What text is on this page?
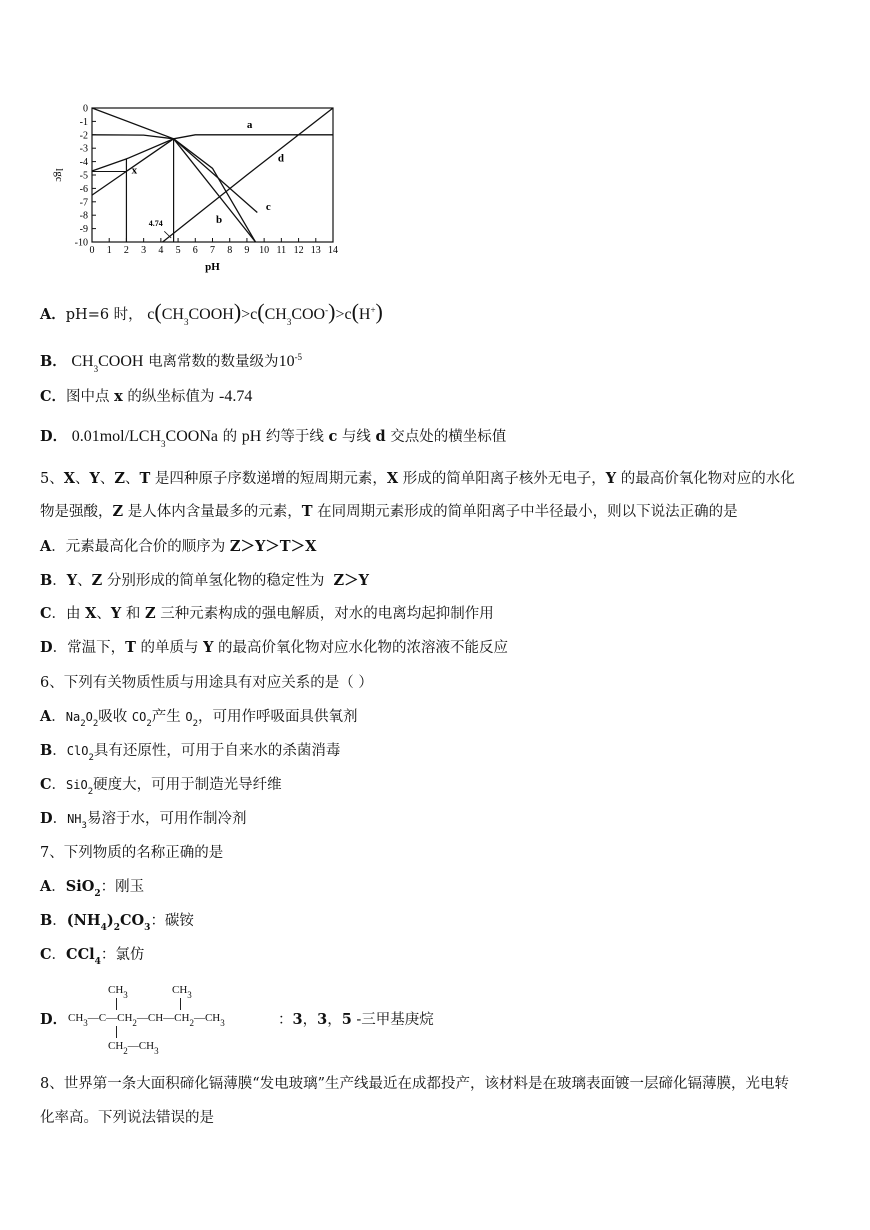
0
-1
-2
-3
-4
-5
-6
-7
-8
-9
-10
0 1 2 3 4 5 6 7 8 9 10 11 12 13 14
pH
lgc
a
b
c
d
x
4.74
A．pH=6 时， $c(CH_3COOH)>c(CH_3COO^-)>c(H^+)$
B． $CH_3COOH$ 电离常数的数量级为$10^{-5}$
C．图中点 x 的纵坐标值为 -4.74
D． $0.01mol/LCH_3COONa$ 的 pH 约等于线 c 与线 d 交点处的横坐标值
5、X、Y、Z、T 是四种原子序数递增的短周期元素，X 形成的简单阳离子核外无电子，Y 的最高价氧化物对应的水化
物是强酸，Z 是人体内含量最多的元素，T 在同周期元素形成的简单阳离子中半径最小，则以下说法正确的是
A．元素最高化合价的顺序为 Z＞Y＞T＞X
B．Y、Z 分别形成的简单氢化物的稳定性为  Z＞Y
C．由 X、Y 和 Z 三种元素构成的强电解质，对水的电离均起抑制作用
D．常温下，T 的单质与 Y 的最高价氧化物对应水化物的浓溶液不能反应
6、下列有关物质性质与用途具有对应关系的是（ ）
A．$Na_2O_2$吸收 $CO_2$产生 $O_2$，可用作呼吸面具供氧剂
B．ClO$_2$具有还原性，可用于自来水的杀菌消毒
C．SiO$_2$硬度大，可用于制造光导纤维
D．$NH_3$易溶于水，可用作制冷剂
7、下列物质的名称正确的是
A．SiO$_2$：刚玉
B．$(NH_4)_2CO_3$：碳铵
C．CCl$_4$：氯仿
D．
$CH_3$	$CH_3$
$CH_3—C—CH_2—CH—CH_2—CH_3$
$CH_2—CH_3$
：3，3，5 -三甲基庚烷
8、世界第一条大面积碲化镉薄膜“发电玻璃”生产线最近在成都投产，该材料是在玻璃表面镀一层碲化镉薄膜，光电转
化率高。下列说法错误的是
